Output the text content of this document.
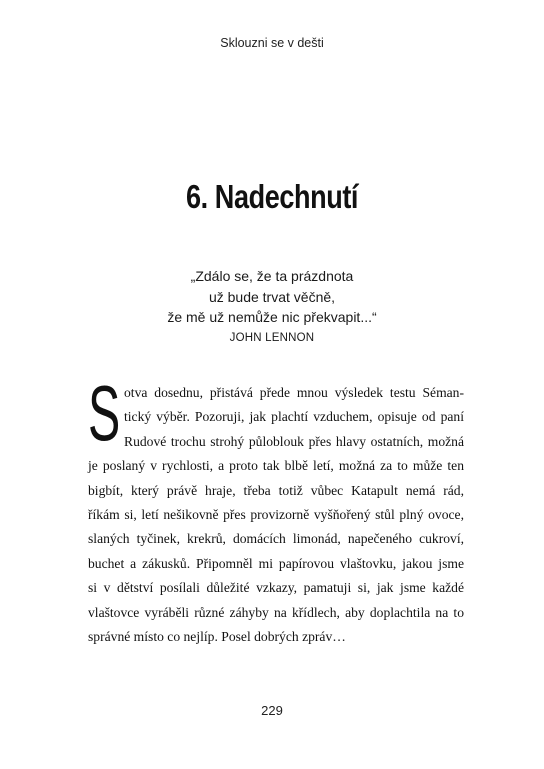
Sklouzni se v dešti
6. Nadechnutí
„Zdálo se, že ta prázdnota
už bude trvat věčně,
že mě už nemůže nic překvapit...“
JOHN LENNON
S otva dosednu, přistává přede mnou výsledek testu Séman-
tický výběr. Pozoruji, jak plachtí vzduchem, opisuje od paní
Rudové trochu strohý půloblouk přes hlavy ostatních, možná
je poslaný v rychlosti, a proto tak blbě letí, možná za to může ten
bigbít, který právě hraje, třeba totiž vůbec Katapult nemá rád,
říkám si, letí nešikovně přes provizorně vyšňořený stůl plný ovoce,
slaných tyčinek, krekrů, domácích limonád, napečeného cukroví,
buchet a zákusků. Připomněl mi papírovou vlaštovku, jakou jsme
si v dětství posílali důležité vzkazy, pamatuji si, jak jsme každé
vlaštovce vyráběli různé záhyby na křídlech, aby doplachtila na to
správné místo co nejlíp. Posel dobrých zpráv…
229
